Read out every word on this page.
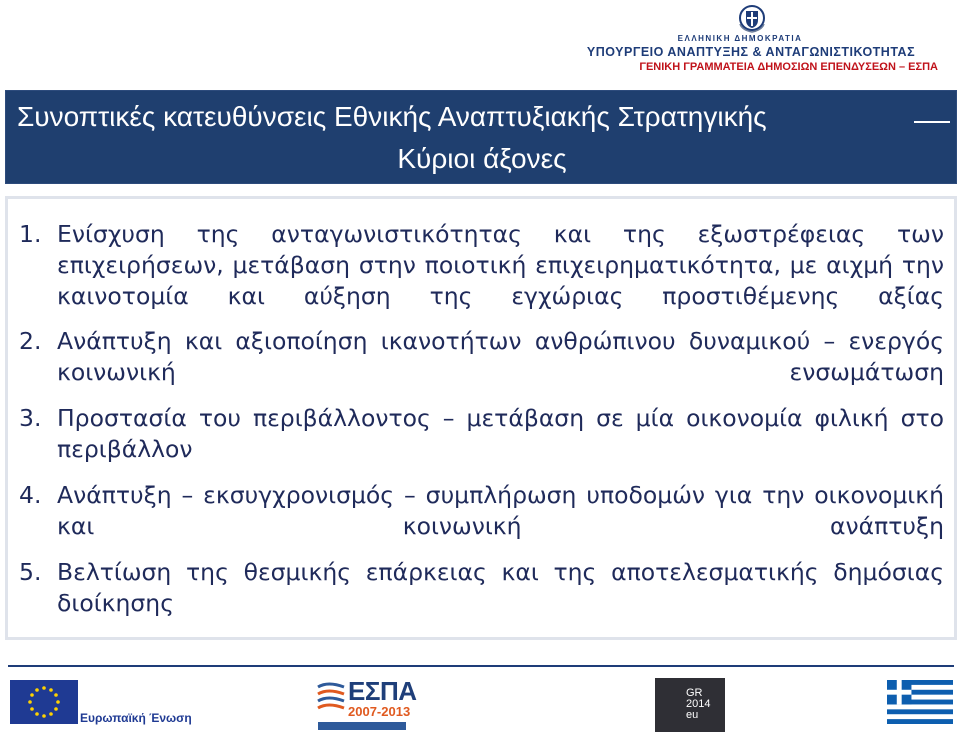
ΕΛΛΗΝΙΚΗ ΔΗΜΟΚΡΑΤΙΑ
ΥΠΟΥΡΓΕΙΟ ΑΝΑΠΤΥΞΗΣ & ΑΝΤΑΓΩΝΙΣΤΙΚΟΤΗΤΑΣ
ΓΕΝΙΚΗ ΓΡΑΜΜΑΤΕΙΑ ΔΗΜΟΣΙΩΝ ΕΠΕΝΔΥΣΕΩΝ – ΕΣΠΑ
Συνοπτικές κατευθύνσεις Εθνικής Αναπτυξιακής Στρατηγικής
Κύριοι άξονες
1. Ενίσχυση της ανταγωνιστικότητας και της εξωστρέφειας των επιχειρήσεων, μετάβαση στην ποιοτική επιχειρηματικότητα, με αιχμή την καινοτομία και αύξηση της εγχώριας προστιθέμενης αξίας
2. Ανάπτυξη και αξιοποίηση ικανοτήτων ανθρώπινου δυναμικού – ενεργός κοινωνική ενσωμάτωση
3. Προστασία του περιβάλλοντος – μετάβαση σε μία οικονομία φιλική στο περιβάλλον
4. Ανάπτυξη – εκσυγχρονισμός – συμπλήρωση υποδομών για την οικονομική και κοινωνική ανάπτυξη
5. Βελτίωση της θεσμικής επάρκειας και της αποτελεσματικής δημόσιας διοίκησης
Ευρωπαϊκή Ένωση
ΕΣΠΑ
2007-2013
GR
2014
eu
